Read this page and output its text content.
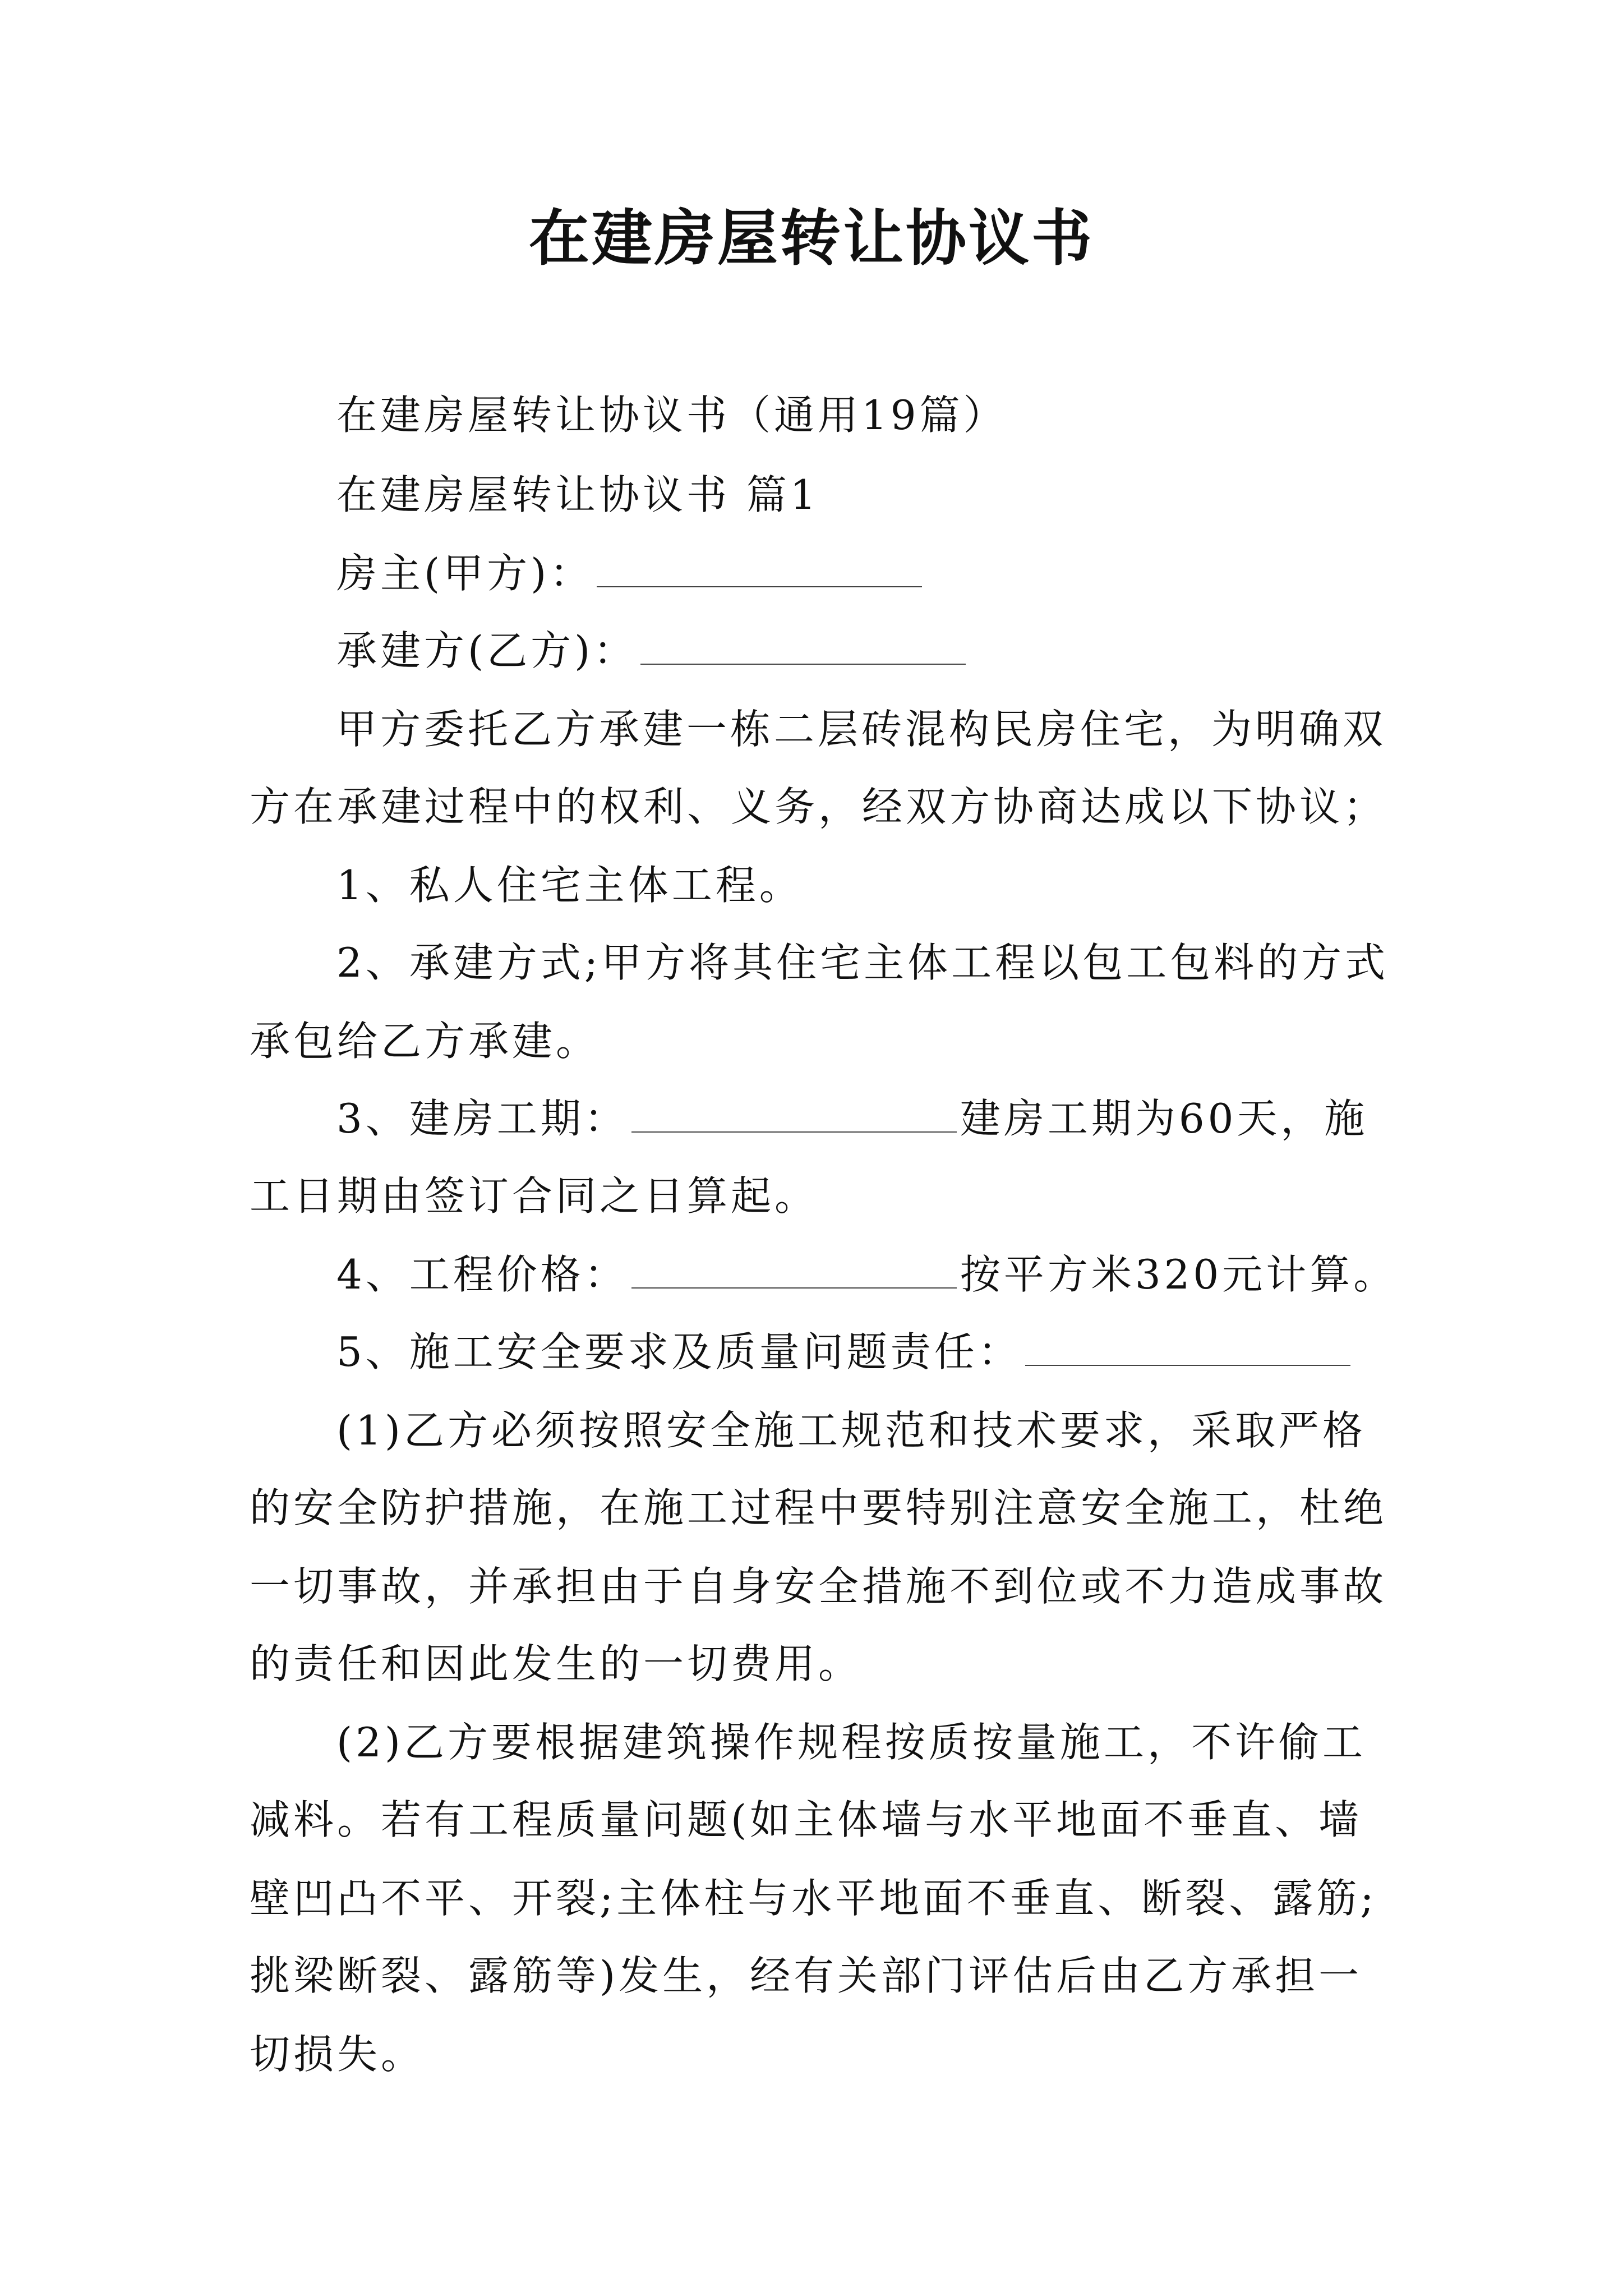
在建房屋转让协议书
在建房屋转让协议书（通用19篇）
在建房屋转让协议书 篇1
房主(甲方)：
承建方(乙方)：
甲方委托乙方承建一栋二层砖混构民房住宅，为明确双
方在承建过程中的权利、义务，经双方协商达成以下协议；
1、私人住宅主体工程。
2、承建方式;甲方将其住宅主体工程以包工包料的方式
承包给乙方承建。
3、建房工期：	建房工期为60天，施
工日期由签订合同之日算起。
4、工程价格：	按平方米320元计算。
5、施工安全要求及质量问题责任：
(1)乙方必须按照安全施工规范和技术要求，采取严格
的安全防护措施，在施工过程中要特别注意安全施工，杜绝
一切事故，并承担由于自身安全措施不到位或不力造成事故
的责任和因此发生的一切费用。
(2)乙方要根据建筑操作规程按质按量施工，不许偷工
减料。若有工程质量问题(如主体墙与水平地面不垂直、墙
壁凹凸不平、开裂;主体柱与水平地面不垂直、断裂、露筋;
挑梁断裂、露筋等)发生，经有关部门评估后由乙方承担一
切损失。
